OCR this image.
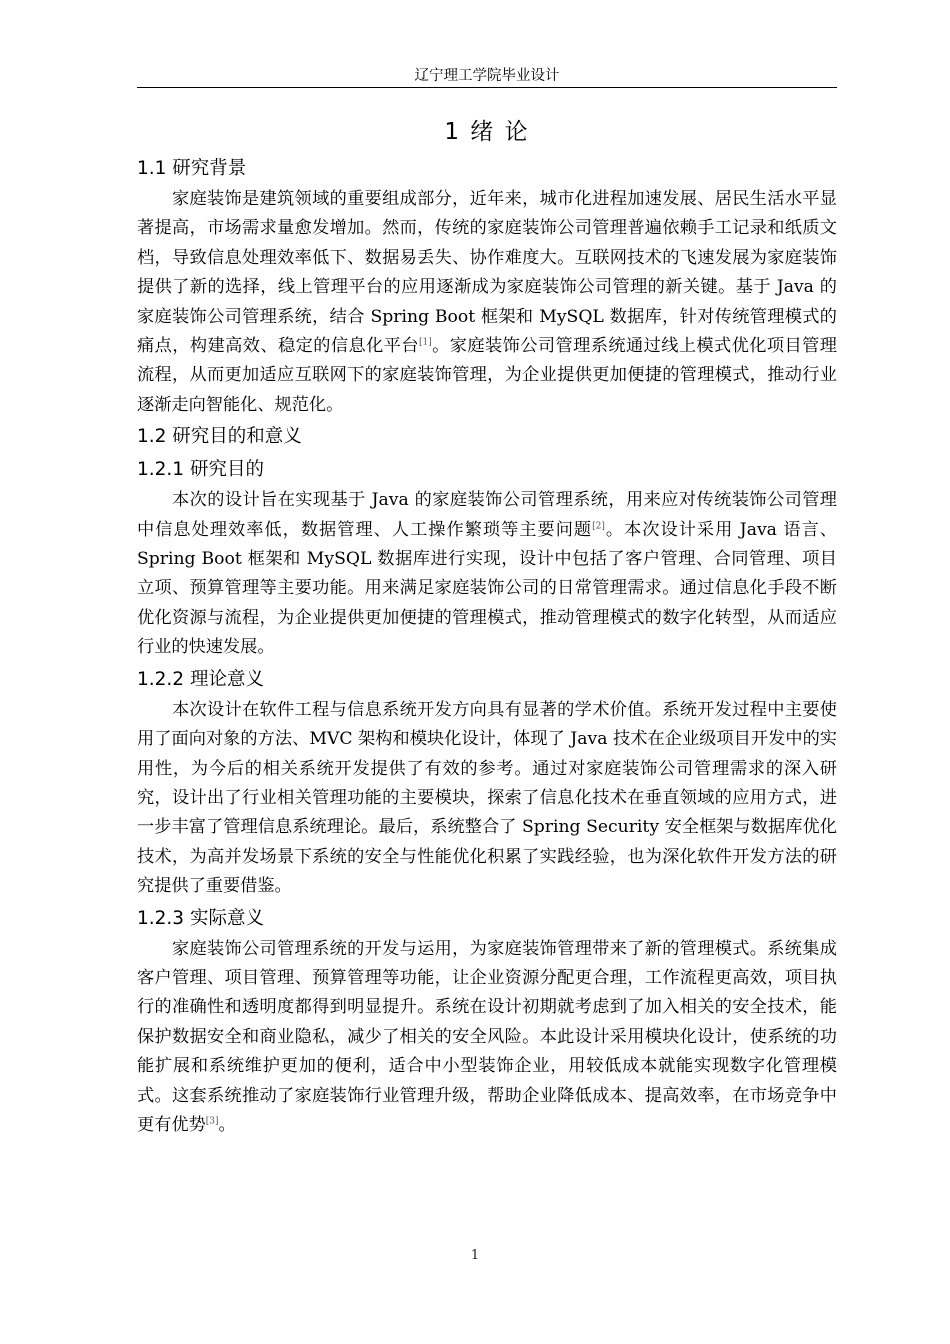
辽宁理工学院毕业设计
1 绪 论
1.1 研究背景

家庭装饰是建筑领域的重要组成部分，近年来，城市化进程加速发展、居民生活水平显著提高，市场需求量愈发增加。然而，传统的家庭装饰公司管理普遍依赖手工记录和纸质文档，导致信息处理效率低下、数据易丢失、协作难度大。互联网技术的飞速发展为家庭装饰提供了新的选择，线上管理平台的应用逐渐成为家庭装饰公司管理的新关键。基于 Java 的家庭装饰公司管理系统，结合 Spring Boot 框架和 MySQL 数据库，针对传统管理模式的痛点，构建高效、稳定的信息化平台[1]。家庭装饰公司管理系统通过线上模式优化项目管理流程，从而更加适应互联网下的家庭装饰管理，为企业提供更加便捷的管理模式，推动行业逐渐走向智能化、规范化。

1.2 研究目的和意义
1.2.1 研究目的

本次的设计旨在实现基于 Java 的家庭装饰公司管理系统，用来应对传统装饰公司管理中信息处理效率低，数据管理、人工操作繁琐等主要问题[2]。本次设计采用 Java 语言、Spring Boot 框架和 MySQL 数据库进行实现，设计中包括了客户管理、合同管理、项目立项、预算管理等主要功能。用来满足家庭装饰公司的日常管理需求。通过信息化手段不断优化资源与流程，为企业提供更加便捷的管理模式，推动管理模式的数字化转型，从而适应行业的快速发展。

1.2.2 理论意义

本次设计在软件工程与信息系统开发方向具有显著的学术价值。系统开发过程中主要使用了面向对象的方法、MVC 架构和模块化设计，体现了 Java 技术在企业级项目开发中的实用性，为今后的相关系统开发提供了有效的参考。通过对家庭装饰公司管理需求的深入研究，设计出了行业相关管理功能的主要模块，探索了信息化技术在垂直领域的应用方式，进一步丰富了管理信息系统理论。最后，系统整合了 Spring Security 安全框架与数据库优化技术，为高并发场景下系统的安全与性能优化积累了实践经验，也为深化软件开发方法的研究提供了重要借鉴。

1.2.3 实际意义

家庭装饰公司管理系统的开发与运用，为家庭装饰管理带来了新的管理模式。系统集成客户管理、项目管理、预算管理等功能，让企业资源分配更合理，工作流程更高效，项目执行的准确性和透明度都得到明显提升。系统在设计初期就考虑到了加入相关的安全技术，能保护数据安全和商业隐私，减少了相关的安全风险。本此设计采用模块化设计，使系统的功能扩展和系统维护更加的便利，适合中小型装饰企业，用较低成本就能实现数字化管理模式。这套系统推动了家庭装饰行业管理升级，帮助企业降低成本、提高效率，在市场竞争中更有优势[3]。

1
